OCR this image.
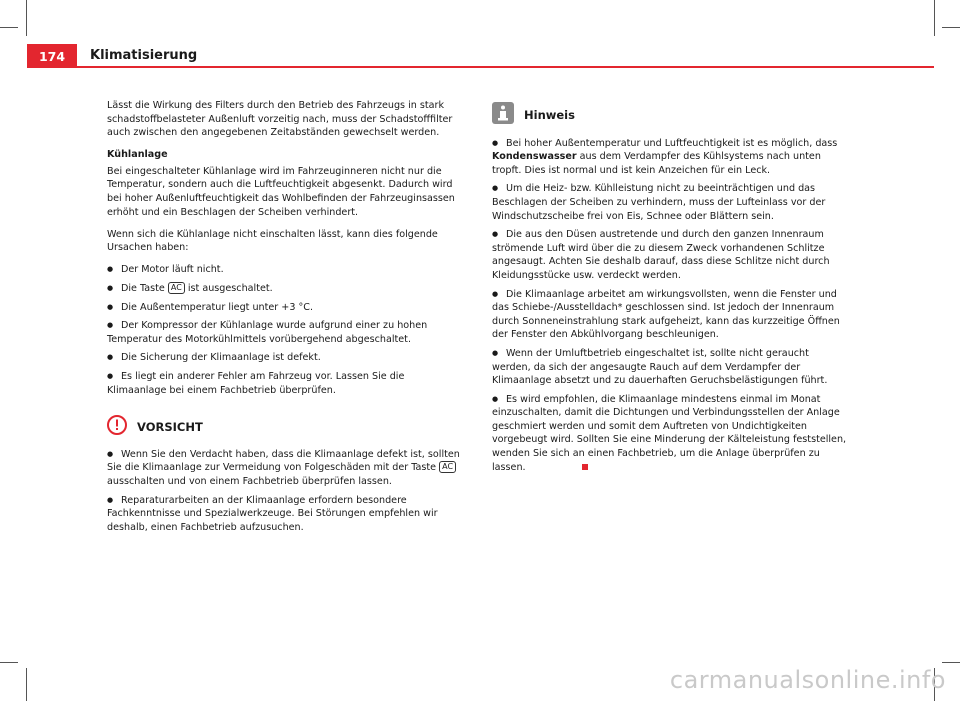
174	Klimatisierung

Lässt die Wirkung des Filters durch den Betrieb des Fahrzeugs in stark schadstoffbelasteter Außenluft vorzeitig nach, muss der Schadstofffilter auch zwischen den angegebenen Zeitabständen gewechselt werden.

Kühlanlage

Bei eingeschalteter Kühlanlage wird im Fahrzeuginneren nicht nur die Temperatur, sondern auch die Luftfeuchtigkeit abgesenkt. Dadurch wird bei hoher Außenluftfeuchtigkeit das Wohlbefinden der Fahrzeuginsassen erhöht und ein Beschlagen der Scheiben verhindert.

Wenn sich die Kühlanlage nicht einschalten lässt, kann dies folgende Ursachen haben:

● Der Motor läuft nicht.
● Die Taste AC ist ausgeschaltet.
● Die Außentemperatur liegt unter +3 °C.
● Der Kompressor der Kühlanlage wurde aufgrund einer zu hohen Temperatur des Motorkühlmittels vorübergehend abgeschaltet.
● Die Sicherung der Klimaanlage ist defekt.
● Es liegt ein anderer Fehler am Fahrzeug vor. Lassen Sie die Klimaanlage bei einem Fachbetrieb überprüfen.
VORSICHT
● Wenn Sie den Verdacht haben, dass die Klimaanlage defekt ist, sollten Sie die Klimaanlage zur Vermeidung von Folgeschäden mit der Taste AC ausschalten und von einem Fachbetrieb überprüfen lassen.
● Reparaturarbeiten an der Klimaanlage erfordern besondere Fachkenntnisse und Spezialwerkzeuge. Bei Störungen empfehlen wir deshalb, einen Fachbetrieb aufzusuchen.
Hinweis
● Bei hoher Außentemperatur und Luftfeuchtigkeit ist es möglich, dass Kondenswasser aus dem Verdampfer des Kühlsystems nach unten tropft. Dies ist normal und ist kein Anzeichen für ein Leck.
● Um die Heiz- bzw. Kühlleistung nicht zu beeinträchtigen und das Beschlagen der Scheiben zu verhindern, muss der Lufteinlass vor der Windschutzscheibe frei von Eis, Schnee oder Blättern sein.
● Die aus den Düsen austretende und durch den ganzen Innenraum strömende Luft wird über die zu diesem Zweck vorhandenen Schlitze angesaugt. Achten Sie deshalb darauf, dass diese Schlitze nicht durch Kleidungsstücke usw. verdeckt werden.
● Die Klimaanlage arbeitet am wirkungsvollsten, wenn die Fenster und das Schiebe-/Ausstelldach* geschlossen sind. Ist jedoch der Innenraum durch Sonneneinstrahlung stark aufgeheizt, kann das kurzzeitige Öffnen der Fenster den Abkühlvorgang beschleunigen.
● Wenn der Umluftbetrieb eingeschaltet ist, sollte nicht geraucht werden, da sich der angesaugte Rauch auf dem Verdampfer der Klimaanlage absetzt und zu dauerhaften Geruchsbelästigungen führt.
● Es wird empfohlen, die Klimaanlage mindestens einmal im Monat einzuschalten, damit die Dichtungen und Verbindungsstellen der Anlage geschmiert werden und somit dem Auftreten von Undichtigkeiten vorgebeugt wird. Sollten Sie eine Minderung der Kälteleistung feststellen, wenden Sie sich an einen Fachbetrieb, um die Anlage überprüfen zu lassen.
carmanualsonline.info
